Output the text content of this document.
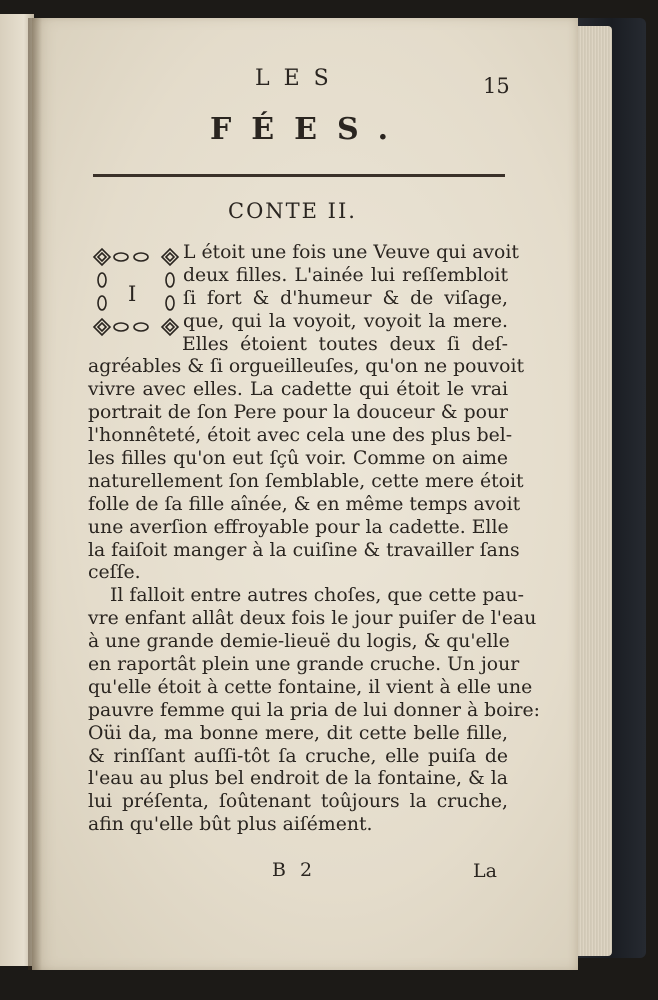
LES	15
FÉES.
CONTE II.
I
L étoit une fois une Veuve qui avoit
deux filles. L'ainée lui reſſembloit
ſi fort & d'humeur & de viſage,
que, qui la voyoit, voyoit la mere.
Elles étoient toutes deux ſi deſ-
agréables & ſi orgueilleuſes, qu'on ne pouvoit
vivre avec elles. La cadette qui étoit le vrai
portrait de ſon Pere pour la douceur & pour
l'honnêteté, étoit avec cela une des plus bel-
les filles qu'on eut ſçû voir. Comme on aime
naturellement ſon ſemblable, cette mere étoit
folle de ſa fille aînée, & en même temps avoit
une averſion effroyable pour la cadette. Elle
la faiſoit manger à la cuiſine & travailler ſans
ceſſe.
Il falloit entre autres choſes, que cette pau-
vre enfant allât deux fois le jour puiſer de l'eau
à une grande demie-lieuë du logis, & qu'elle
en raportât plein une grande cruche. Un jour
qu'elle étoit à cette fontaine, il vient à elle une
pauvre femme qui la pria de lui donner à boire:
Oüi da, ma bonne mere, dit cette belle fille,
& rinſſant auſſi-tôt ſa cruche, elle puiſa de
l'eau au plus bel endroit de la fontaine, & la
lui préſenta, ſoûtenant toûjours la cruche,
afin qu'elle bût plus aiſément.
B 2	La
